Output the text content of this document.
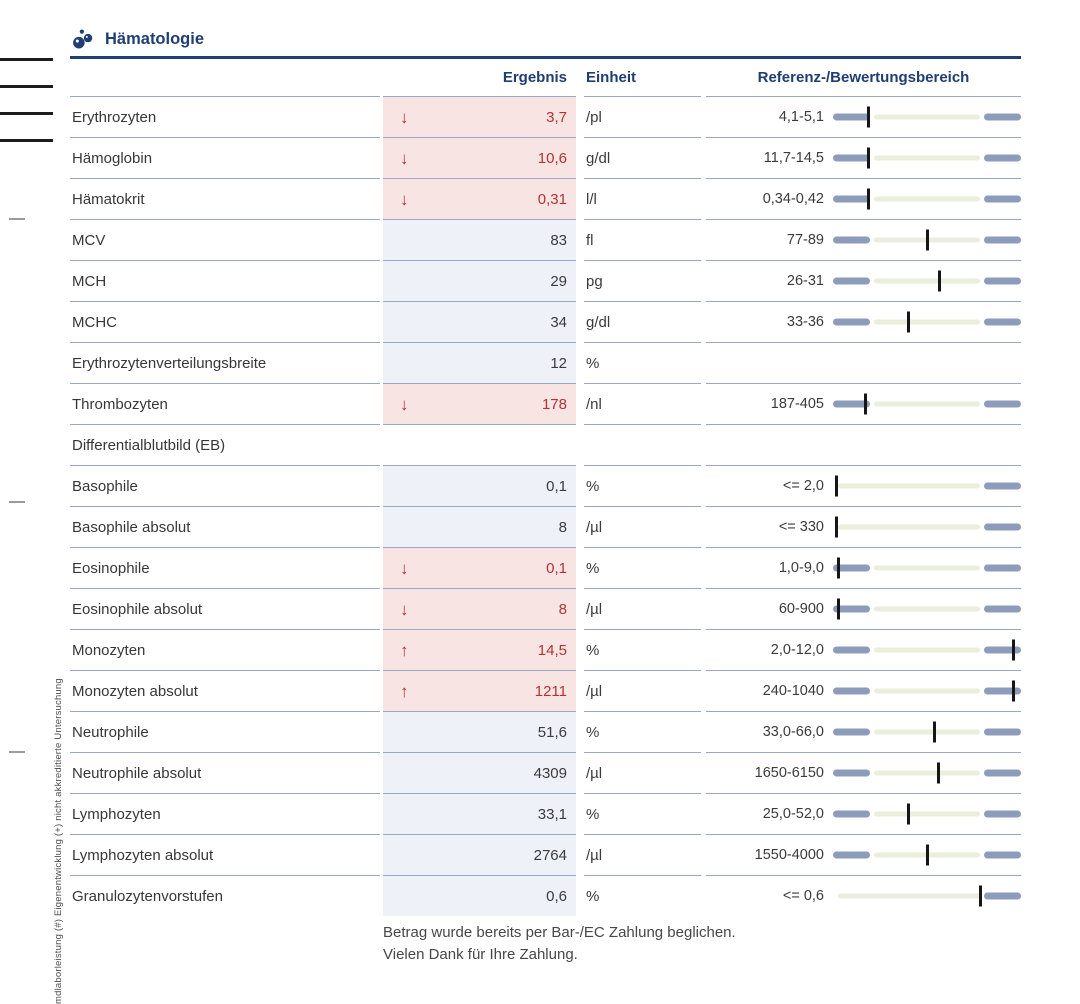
mdlaborleistung (#) Eigenentwicklung (+) nicht akkreditierte Untersuchung
Hämatologie
Ergebnis	Einheit	Referenz-/Bewertungsbereich
Erythrozyten	↓	3,7 /pl	4,1-5,1
Hämoglobin	↓	10,6 g/dl	11,7-14,5
Hämatokrit	↓	0,31 l/l	0,34-0,42
MCV	83 fl	77-89
MCH	29 pg	26-31
MCHC	34 g/dl	33-36
Erythrozytenverteilungsbreite	12 %
Thrombozyten	↓	178 /nl	187-405
Differentialblutbild (EB)
Basophile	0,1 %	<= 2,0
Basophile absolut	8 /µl	<= 330
Eosinophile	↓	0,1 %	1,0-9,0
Eosinophile absolut	↓	8 /µl	60-900
Monozyten	↑	14,5 %	2,0-12,0
Monozyten absolut	↑	1211 /µl	240-1040
Neutrophile	51,6 %	33,0-66,0
Neutrophile absolut	4309 /µl	1650-6150
Lymphozyten	33,1 %	25,0-52,0
Lymphozyten absolut	2764 /µl	1550-4000
Granulozytenvorstufen	0,6 %	<= 0,6
Betrag wurde bereits per Bar-/EC Zahlung beglichen.
Vielen Dank für Ihre Zahlung.
